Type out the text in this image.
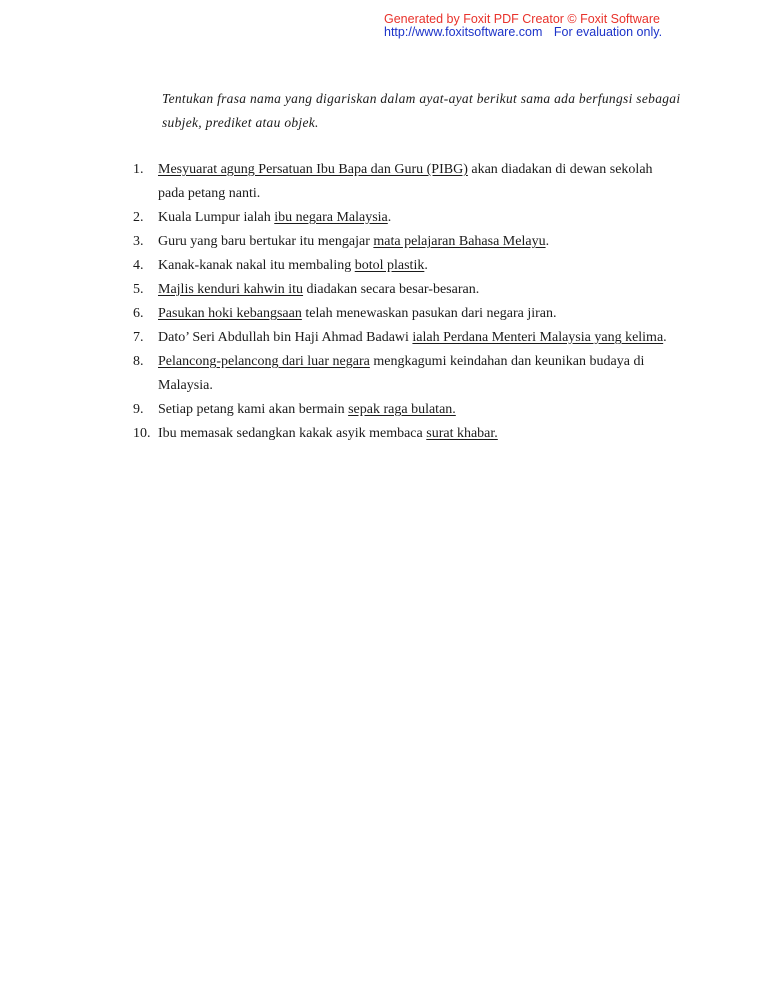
Generated by Foxit PDF Creator © Foxit Software
http://www.foxitsoftware.com For evaluation only.
Tentukan frasa nama yang digariskan dalam ayat-ayat berikut sama ada berfungsi sebagai subjek, prediket atau objek.
1.	Mesyuarat agung Persatuan Ibu Bapa dan Guru (PIBG) akan diadakan di dewan sekolah pada petang nanti.
2.	Kuala Lumpur ialah ibu negara Malaysia.
3.	Guru yang baru bertukar itu mengajar mata pelajaran Bahasa Melayu.
4.	Kanak-kanak nakal itu membaling botol plastik.
5.	Majlis kenduri kahwin itu diadakan secara besar-besaran.
6.	Pasukan hoki kebangsaan telah menewaskan pasukan dari negara jiran.
7.	Dato’ Seri Abdullah bin Haji Ahmad Badawi ialah Perdana Menteri Malaysia yang kelima.
8.	Pelancong-pelancong dari luar negara mengkagumi keindahan dan keunikan budaya di Malaysia.
9.	Setiap petang kami akan bermain sepak raga bulatan.
10. Ibu memasak sedangkan kakak asyik membaca surat khabar.
